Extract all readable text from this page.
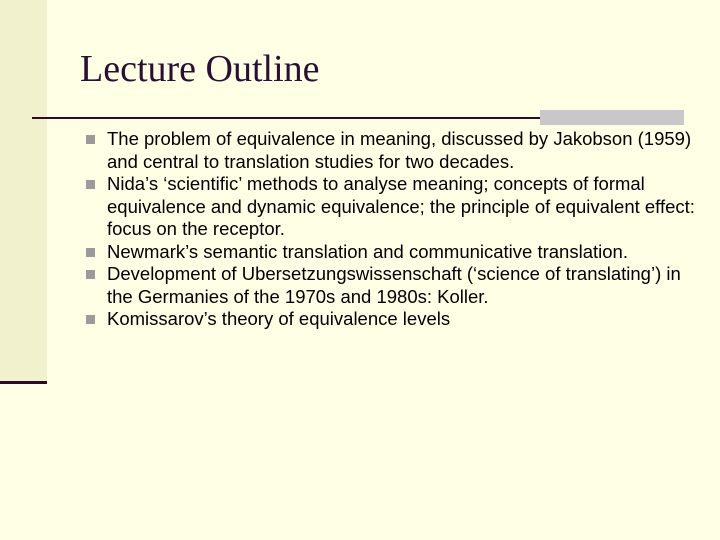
Lecture Outline
The problem of equivalence in meaning, discussed by Jakobson (1959) and central to translation studies for two decades.
Nida’s ‘scientific’ methods to analyse meaning; concepts of formal equivalence and dynamic equivalence; the principle of equivalent effect: focus on the receptor.
Newmark’s semantic translation and communicative translation.
Development of Ubersetzungswissenschaft (‘science of translating’) in the Germanies of the 1970s and 1980s: Koller.
Komissarov’s theory of equivalence levels
